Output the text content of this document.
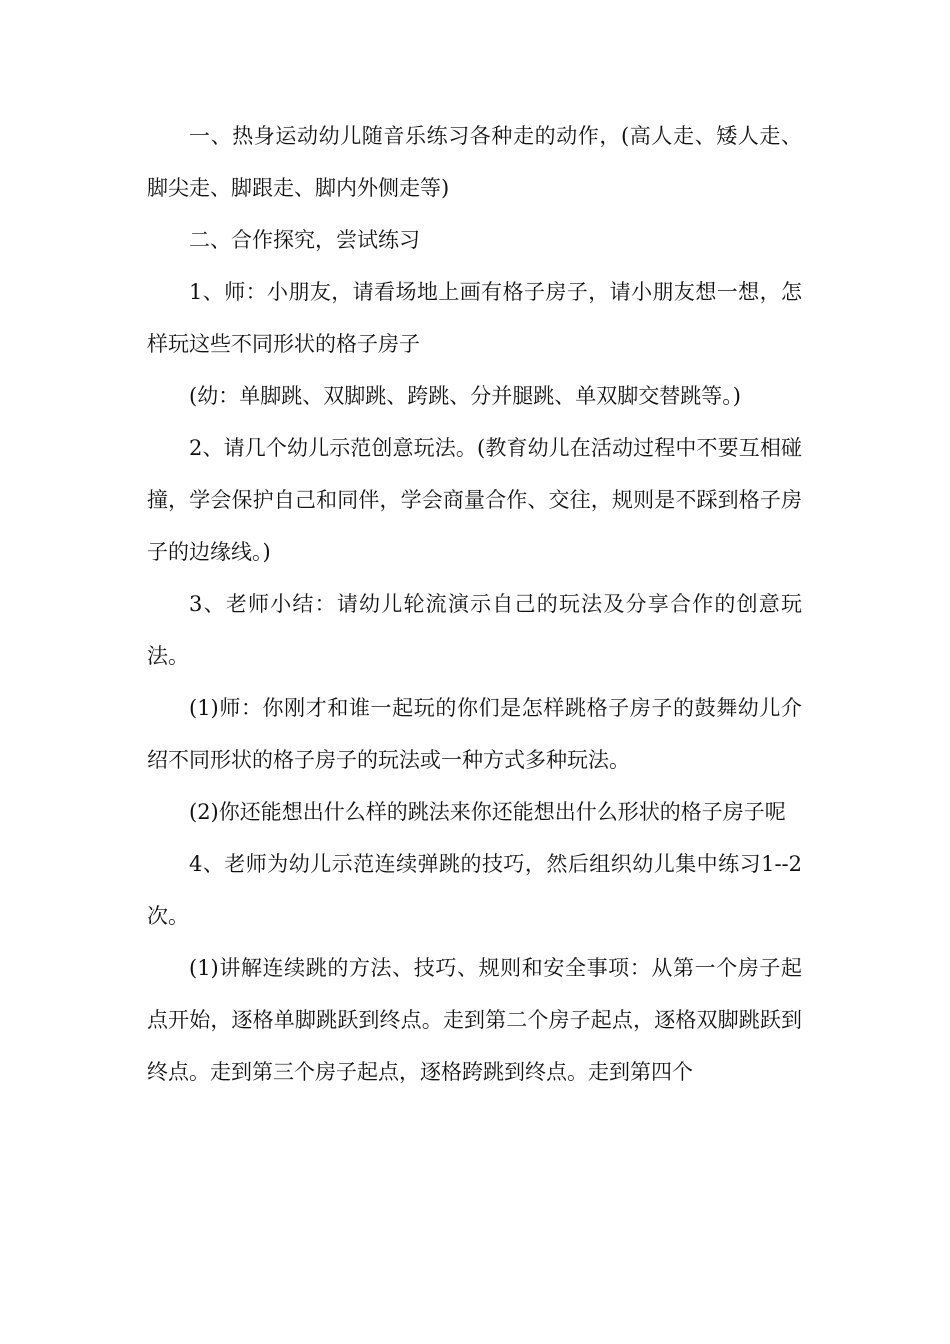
一、热身运动幼儿随音乐练习各种走的动作，(高人走、矮人走、脚尖走、脚跟走、脚内外侧走等)

二、合作探究，尝试练习

1、师：小朋友，请看场地上画有格子房子，请小朋友想一想，怎样玩这些不同形状的格子房子

(幼：单脚跳、双脚跳、跨跳、分并腿跳、单双脚交替跳等。)

2、请几个幼儿示范创意玩法。(教育幼儿在活动过程中不要互相碰撞，学会保护自己和同伴，学会商量合作、交往，规则是不踩到格子房子的边缘线。)

3、老师小结：请幼儿轮流演示自己的玩法及分享合作的创意玩法。

(1)师：你刚才和谁一起玩的你们是怎样跳格子房子的鼓舞幼儿介绍不同形状的格子房子的玩法或一种方式多种玩法。

(2)你还能想出什么样的跳法来你还能想出什么形状的格子房子呢

4、老师为幼儿示范连续弹跳的技巧，然后组织幼儿集中练习1--2次。

(1)讲解连续跳的方法、技巧、规则和安全事项：从第一个房子起点开始，逐格单脚跳跃到终点。走到第二个房子起点，逐格双脚跳跃到终点。走到第三个房子起点，逐格跨跳到终点。走到第四个
